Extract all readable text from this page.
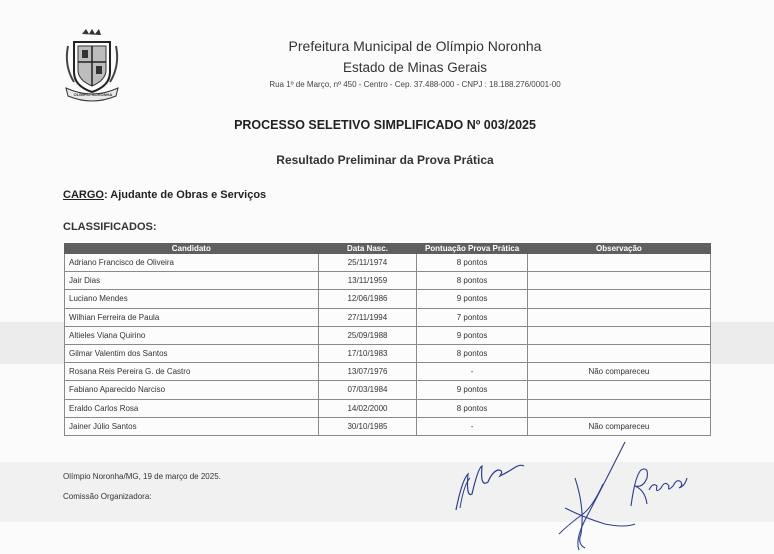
OLÍMPIO NORONHA
Prefeitura Municipal de Olímpio Noronha
Estado de Minas Gerais
Rua 1º de Março, nº 450 - Centro - Cep. 37.488-000 - CNPJ : 18.188.276/0001-00
PROCESSO SELETIVO SIMPLIFICADO Nº 003/2025
Resultado Preliminar da Prova Prática
CARGO: Ajudante de Obras e Serviços
CLASSIFICADOS:
Candidato	Data Nasc.	Pontuação Prova Prática	Observação
Adriano Francisco de Oliveira	25/11/1974	8 pontos	
Jair Dias	13/11/1959	8 pontos	
Luciano Mendes	12/06/1986	9 pontos	
Wilhian Ferreira de Paula	27/11/1994	7 pontos	
Altieles Viana Quirino	25/09/1988	9 pontos	
Gilmar Valentim dos Santos	17/10/1983	8 pontos	
Rosana Reis Pereira G. de Castro	13/07/1976	-	Não compareceu
Fabiano Aparecido Narciso	07/03/1984	9 pontos	
Eraldo Carlos Rosa	14/02/2000	8 pontos	
Jainer Júlio Santos	30/10/1985	-	Não compareceu
Olímpio Noronha/MG, 19 de março de 2025.
Comissão Organizadora:
